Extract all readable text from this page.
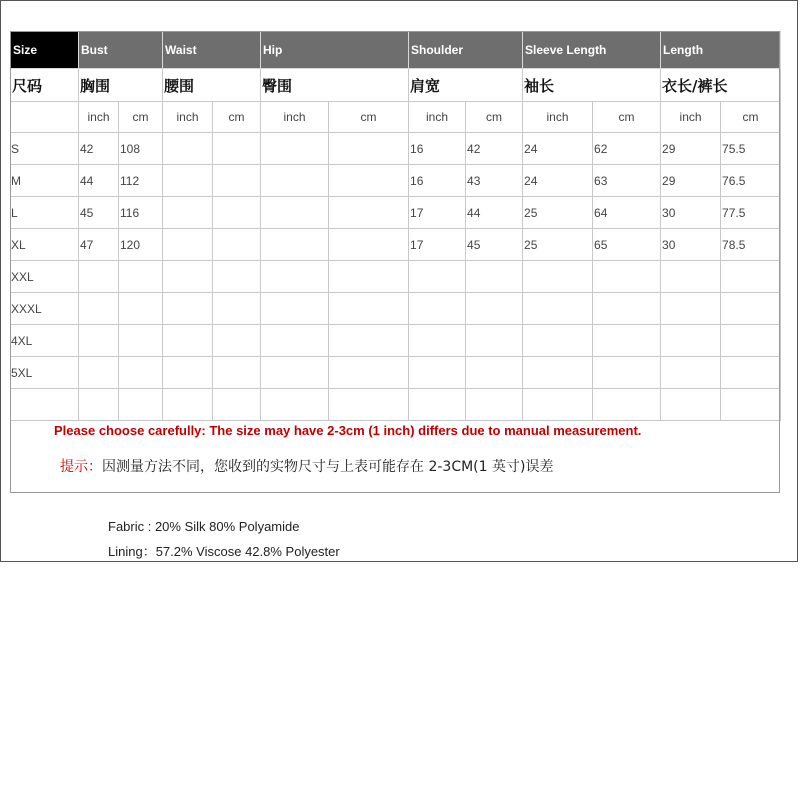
Size	Bust		Waist		Hip		Shoulder		Sleeve Length		Length	
尺码	胸围		腰围		臀围		肩宽		袖长		衣长/裤长	
	inch	cm	inch	cm	inch	cm	inch	cm	inch	cm	inch	cm
S	42	108					16	42	24	62	29	75.5
M	44	112					16	43	24	63	29	76.5
L	45	116					17	44	25	64	30	77.5
XL	47	120					17	45	25	65	30	78.5
XXL												
XXXL												
4XL												
5XL												

Please choose carefully: The size may have 2-3cm (1 inch) differs due to manual measurement.
提示：因测量方法不同，您收到的实物尺寸与上表可能存在 2-3CM(1 英寸)误差
Fabric : 20% Silk 80% Polyamide
Lining：57.2% Viscose 42.8% Polyester
